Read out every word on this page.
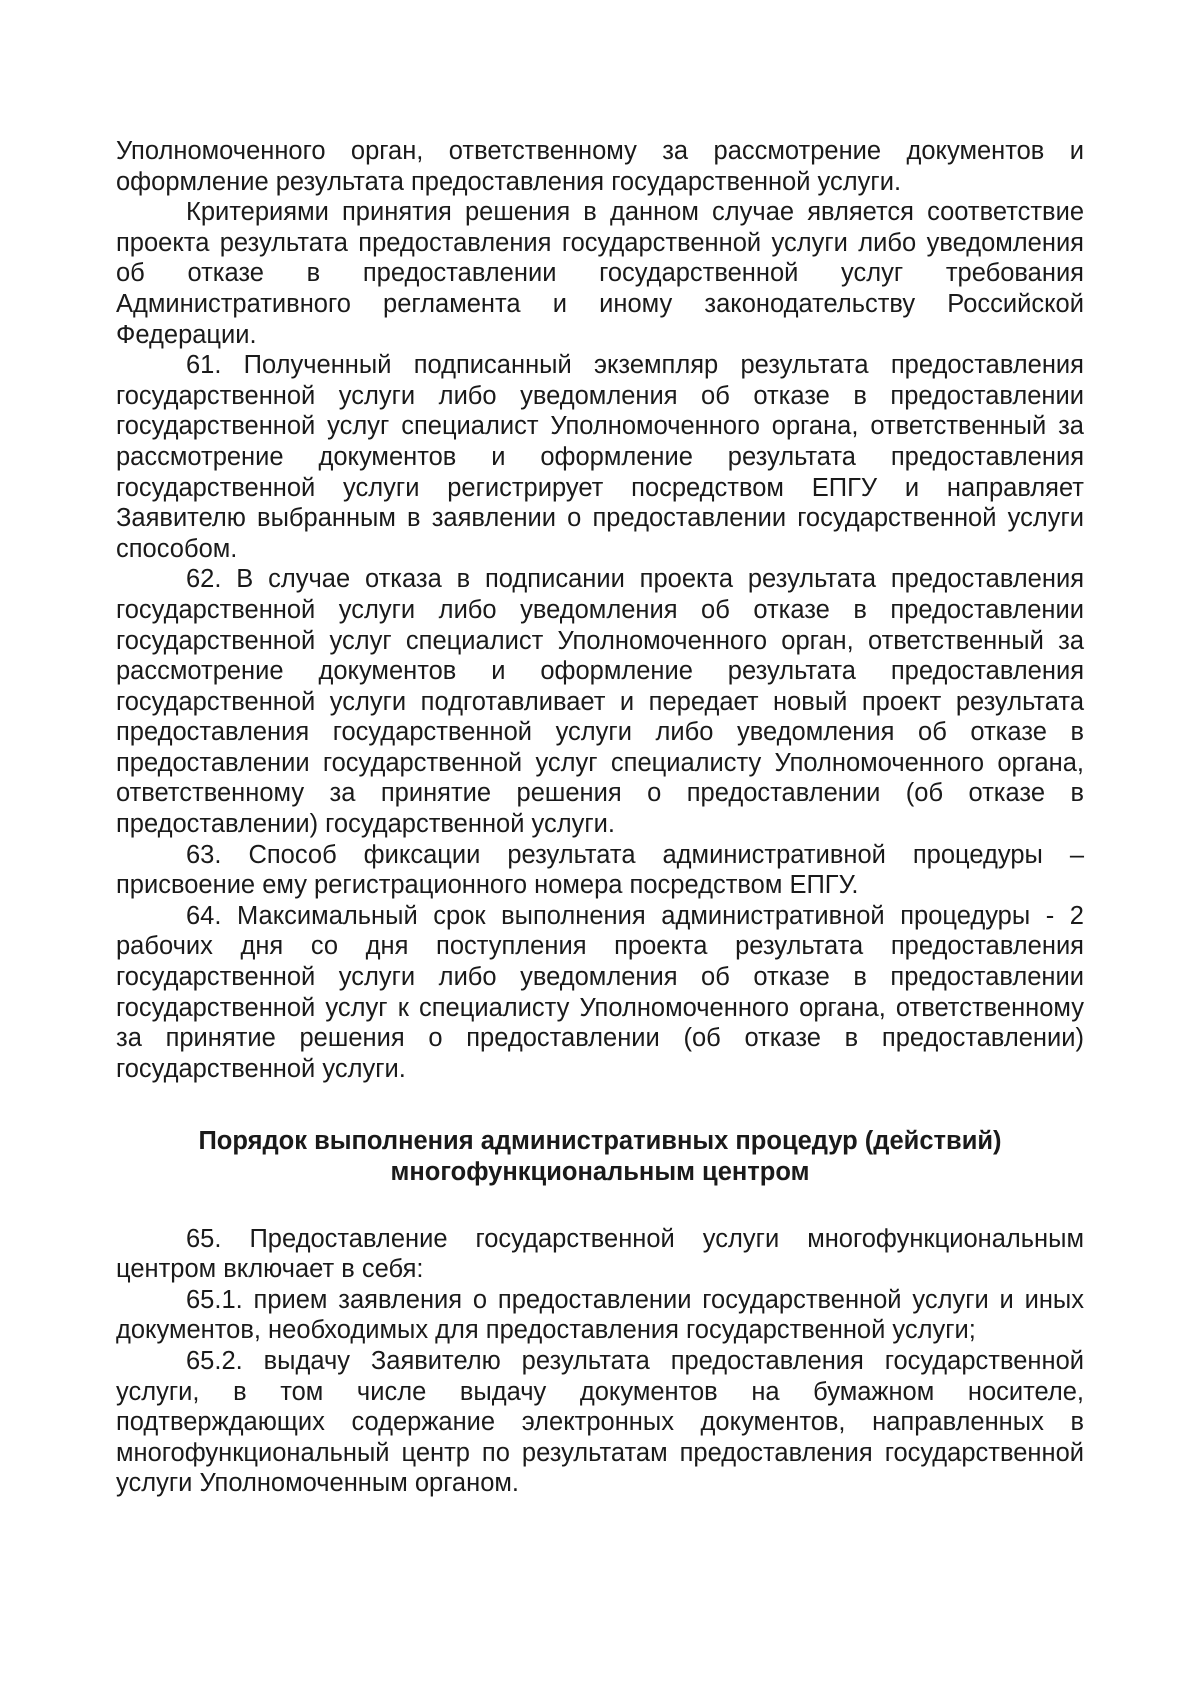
Уполномоченного орган, ответственному за рассмотрение документов и оформление результата предоставления государственной услуги.

Критериями принятия решения в данном случае является соответствие проекта результата предоставления государственной услуги либо уведомления об отказе в предоставлении государственной услуг требования Административного регламента и иному законодательству Российской Федерации.

61. Полученный подписанный экземпляр результата предоставления государственной услуги либо уведомления об отказе в предоставлении государственной услуг специалист Уполномоченного органа, ответственный за рассмотрение документов и оформление результата предоставления государственной услуги регистрирует посредством ЕПГУ и направляет Заявителю выбранным в заявлении о предоставлении государственной услуги способом.

62. В случае отказа в подписании проекта результата предоставления государственной услуги либо уведомления об отказе в предоставлении государственной услуг специалист Уполномоченного орган, ответственный за рассмотрение документов и оформление результата предоставления государственной услуги подготавливает и передает новый проект результата предоставления государственной услуги либо уведомления об отказе в предоставлении государственной услуг специалисту Уполномоченного органа, ответственному за принятие решения о предоставлении (об отказе в предоставлении) государственной услуги.

63. Способ фиксации результата административной процедуры – присвоение ему регистрационного номера посредством ЕПГУ.

64. Максимальный срок выполнения административной процедуры - 2 рабочих дня со дня поступления проекта результата предоставления государственной услуги либо уведомления об отказе в предоставлении государственной услуг к специалисту Уполномоченного органа, ответственному за принятие решения о предоставлении (об отказе в предоставлении) государственной услуги.

Порядок выполнения административных процедур (действий)
многофункциональным центром

65. Предоставление государственной услуги многофункциональным центром включает в себя:

65.1. прием заявления о предоставлении государственной услуги и иных документов, необходимых для предоставления государственной услуги;

65.2. выдачу Заявителю результата предоставления государственной услуги, в том числе выдачу документов на бумажном носителе, подтверждающих содержание электронных документов, направленных в многофункциональный центр по результатам предоставления государственной услуги Уполномоченным органом.
